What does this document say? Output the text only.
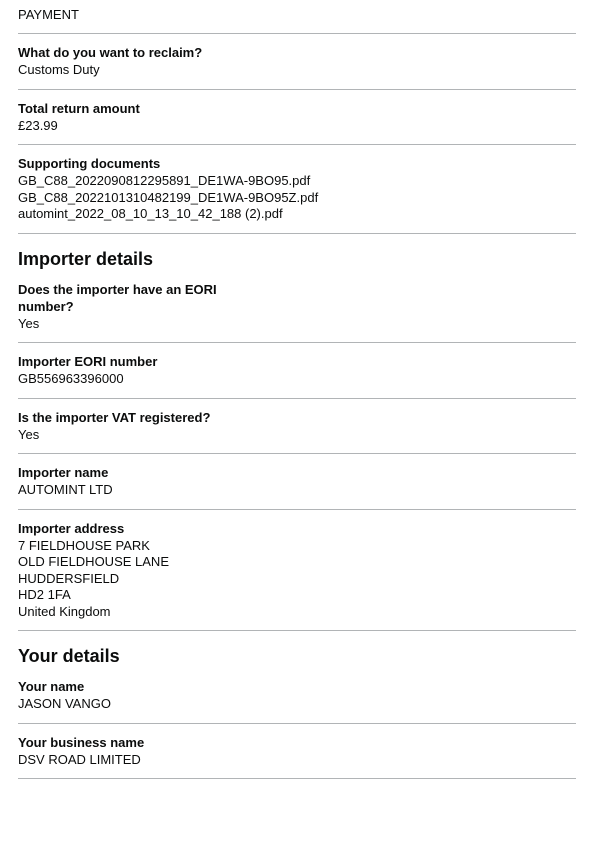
PAYMENT
What do you want to reclaim?
Customs Duty
Total return amount
£23.99
Supporting documents
GB_C88_2022090812295891_DE1WA-9BO95.pdf
GB_C88_2022101310482199_DE1WA-9BO95Z.pdf
automint_2022_08_10_13_10_42_188 (2).pdf
Importer details
Does the importer have an EORI number?
Yes
Importer EORI number
GB556963396000
Is the importer VAT registered?
Yes
Importer name
AUTOMINT LTD
Importer address
7 FIELDHOUSE PARK
OLD FIELDHOUSE LANE
HUDDERSFIELD
HD2 1FA
United Kingdom
Your details
Your name
JASON VANGO
Your business name
DSV ROAD LIMITED
